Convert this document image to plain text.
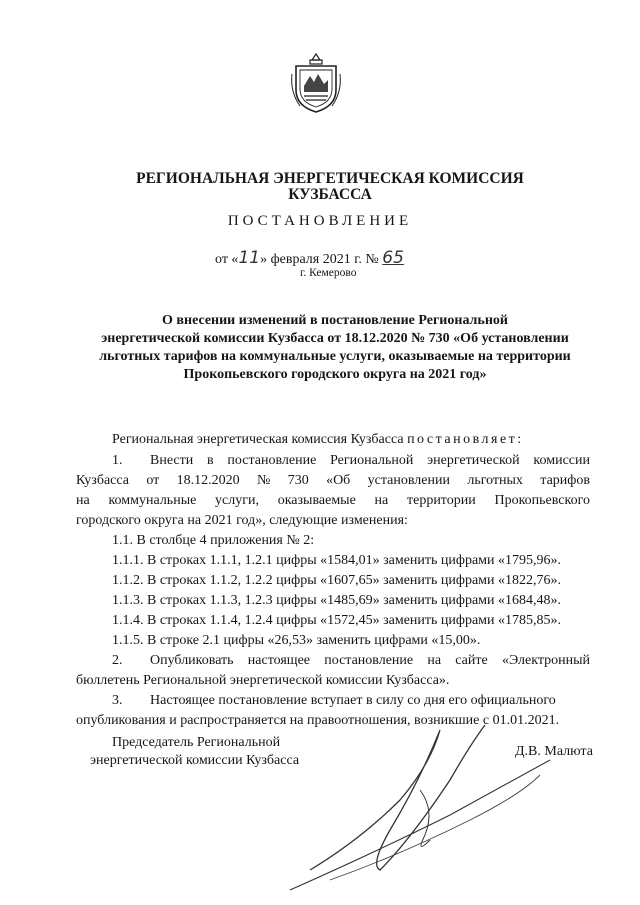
РЕГИОНАЛЬНАЯ ЭНЕРГЕТИЧЕСКАЯ КОМИССИЯ
КУЗБАССА
ПОСТАНОВЛЕНИЕ
от «11» февраля 2021 г. № 65
г. Кемерово
О внесении изменений в постановление Региональной
энергетической комиссии Кузбасса от 18.12.2020 № 730 «Об установлении
льготных тарифов на коммунальные услуги, оказываемые на территории
Прокопьевского городского округа на 2021 год»
Региональная энергетическая комиссия Кузбасса постановляет:
1. Внести в постановление Региональной энергетической комиссии
Кузбасса от 18.12.2020 № 730 «Об установлении льготных тарифов
на коммунальные услуги, оказываемые на территории Прокопьевского
городского округа на 2021 год», следующие изменения:
1.1. В столбце 4 приложения № 2:
1.1.1. В строках 1.1.1, 1.2.1 цифры «1584,01» заменить цифрами «1795,96».
1.1.2. В строках 1.1.2, 1.2.2 цифры «1607,65» заменить цифрами «1822,76».
1.1.3. В строках 1.1.3, 1.2.3 цифры «1485,69» заменить цифрами «1684,48».
1.1.4. В строках 1.1.4, 1.2.4 цифры «1572,45» заменить цифрами «1785,85».
1.1.5. В строке 2.1 цифры «26,53» заменить цифрами «15,00».
2. Опубликовать настоящее постановление на сайте «Электронный
бюллетень Региональной энергетической комиссии Кузбасса».
3. Настоящее постановление вступает в силу со дня его официального
опубликования и распространяется на правоотношения, возникшие с 01.01.2021.
Председатель Региональной
энергетической комиссии Кузбасса
Д.В. Малюта
